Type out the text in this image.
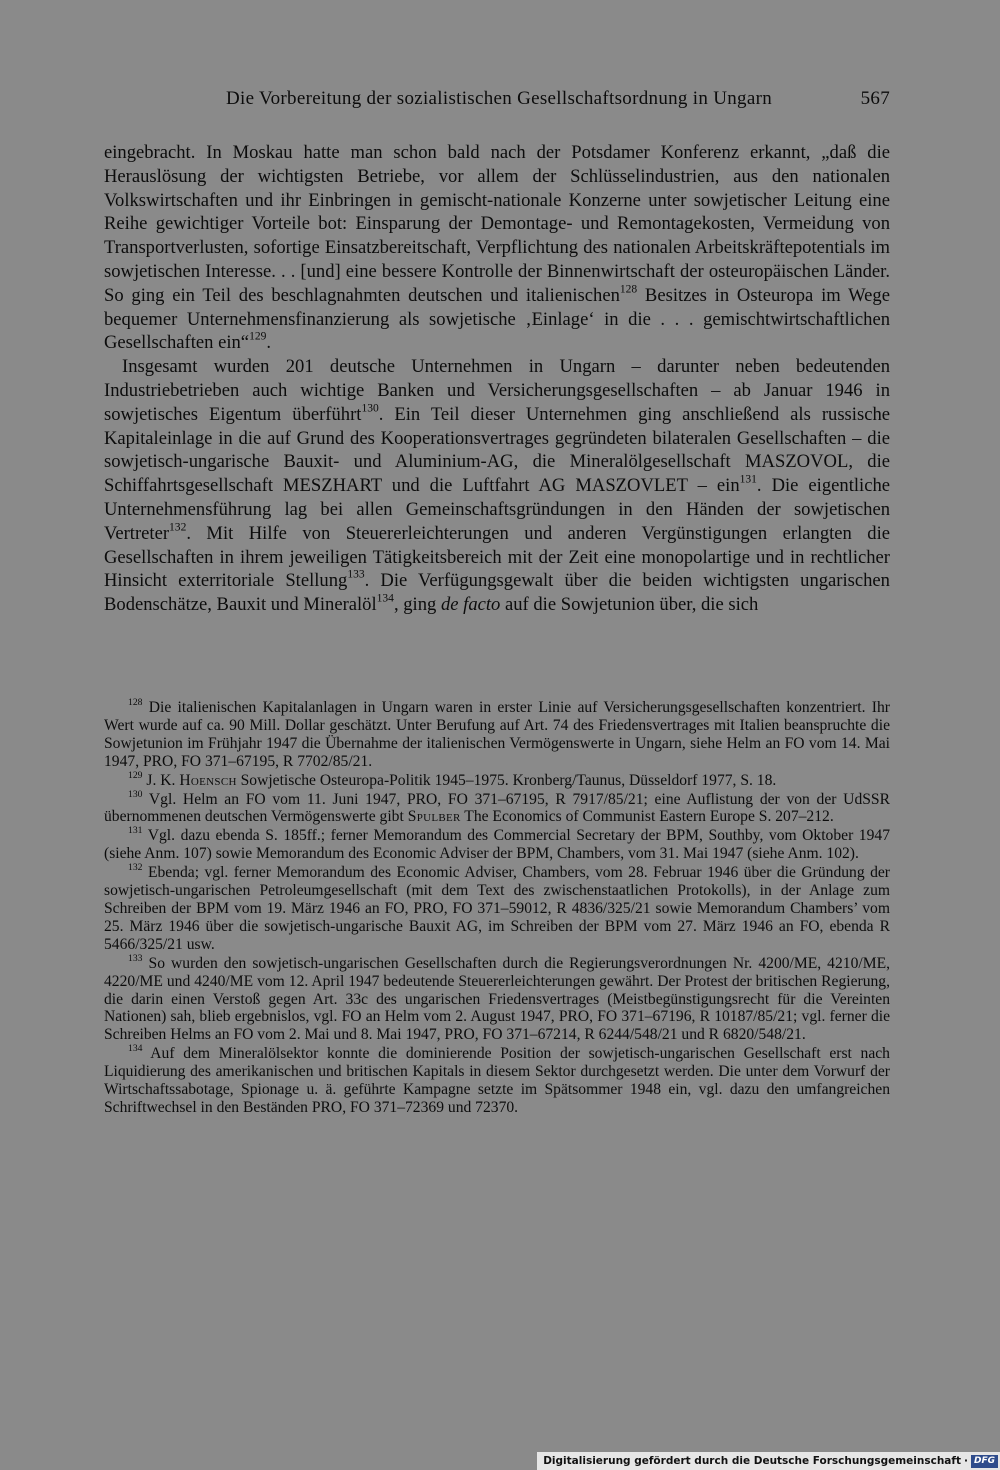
Die Vorbereitung der sozialistischen Gesellschaftsordnung in Ungarn	567

eingebracht. In Moskau hatte man schon bald nach der Potsdamer Konferenz erkannt, „daß die Herauslösung der wichtigsten Betriebe, vor allem der Schlüsselindustrien, aus den nationalen Volkswirtschaften und ihr Einbringen in gemischt-nationale Konzerne unter sowjetischer Leitung eine Reihe gewichtiger Vorteile bot: Einsparung der Demontage- und Remontagekosten, Vermeidung von Transportverlusten, sofortige Einsatzbereitschaft, Verpflichtung des nationalen Arbeitskräftepotentials im sowjetischen Interesse. . . [und] eine bessere Kontrolle der Binnenwirtschaft der osteuropäischen Länder. So ging ein Teil des beschlagnahmten deutschen und italienischen$^{128}$ Besitzes in Osteuropa im Wege bequemer Unternehmensfinanzierung als sowjetische ‚Einlage‘ in die . . . gemischtwirtschaftlichen Gesellschaften ein“$^{129}$.

Insgesamt wurden 201 deutsche Unternehmen in Ungarn – darunter neben bedeutenden Industriebetrieben auch wichtige Banken und Versicherungsgesellschaften – ab Januar 1946 in sowjetisches Eigentum überführt$^{130}$. Ein Teil dieser Unternehmen ging anschließend als russische Kapitaleinlage in die auf Grund des Kooperationsvertrages gegründeten bilateralen Gesellschaften – die sowjetisch-ungarische Bauxit- und Aluminium-AG, die Mineralölgesellschaft MASZOVOL, die Schiffahrtsgesellschaft MESZHART und die Luftfahrt AG MASZOVLET – ein$^{131}$. Die eigentliche Unternehmensführung lag bei allen Gemeinschaftsgründungen in den Händen der sowjetischen Vertreter$^{132}$. Mit Hilfe von Steuererleichterungen und anderen Vergünstigungen erlangten die Gesellschaften in ihrem jeweiligen Tätigkeitsbereich mit der Zeit eine monopolartige und in rechtlicher Hinsicht exterritoriale Stellung$^{133}$. Die Verfügungsgewalt über die beiden wichtigsten ungarischen Bodenschätze, Bauxit und Mineralöl$^{134}$, ging de facto auf die Sowjetunion über, die sich

$^{128}$ Die italienischen Kapitalanlagen in Ungarn waren in erster Linie auf Versicherungsgesellschaften konzentriert. Ihr Wert wurde auf ca. 90 Mill. Dollar geschätzt. Unter Berufung auf Art. 74 des Friedensvertrages mit Italien beanspruchte die Sowjetunion im Frühjahr 1947 die Übernahme der italienischen Vermögenswerte in Ungarn, siehe Helm an FO vom 14. Mai 1947, PRO, FO 371–67195, R 7702/85/21.

$^{129}$ J. K. Hoensch Sowjetische Osteuropa-Politik 1945–1975. Kronberg/Taunus, Düsseldorf 1977, S. 18.

$^{130}$ Vgl. Helm an FO vom 11. Juni 1947, PRO, FO 371–67195, R 7917/85/21; eine Auflistung der von der UdSSR übernommenen deutschen Vermögenswerte gibt Spulber The Economics of Communist Eastern Europe S. 207–212.

$^{131}$ Vgl. dazu ebenda S. 185ff.; ferner Memorandum des Commercial Secretary der BPM, Southby, vom Oktober 1947 (siehe Anm. 107) sowie Memorandum des Economic Adviser der BPM, Chambers, vom 31. Mai 1947 (siehe Anm. 102).

$^{132}$ Ebenda; vgl. ferner Memorandum des Economic Adviser, Chambers, vom 28. Februar 1946 über die Gründung der sowjetisch-ungarischen Petroleumgesellschaft (mit dem Text des zwischenstaatlichen Protokolls), in der Anlage zum Schreiben der BPM vom 19. März 1946 an FO, PRO, FO 371–59012, R 4836/325/21 sowie Memorandum Chambers’ vom 25. März 1946 über die sowjetisch-ungarische Bauxit AG, im Schreiben der BPM vom 27. März 1946 an FO, ebenda R 5466/325/21 usw.

$^{133}$ So wurden den sowjetisch-ungarischen Gesellschaften durch die Regierungsverordnungen Nr. 4200/ME, 4210/ME, 4220/ME und 4240/ME vom 12. April 1947 bedeutende Steuererleichterungen gewährt. Der Protest der britischen Regierung, die darin einen Verstoß gegen Art. 33c des ungarischen Friedensvertrages (Meistbegünstigungsrecht für die Vereinten Nationen) sah, blieb ergebnislos, vgl. FO an Helm vom 2. August 1947, PRO, FO 371–67196, R 10187/85/21; vgl. ferner die Schreiben Helms an FO vom 2. Mai und 8. Mai 1947, PRO, FO 371–67214, R 6244/548/21 und R 6820/548/21.

$^{134}$ Auf dem Mineralölsektor konnte die dominierende Position der sowjetisch-ungarischen Gesellschaft erst nach Liquidierung des amerikanischen und britischen Kapitals in diesem Sektor durchgesetzt werden. Die unter dem Vorwurf der Wirtschaftssabotage, Spionage u. ä. geführte Kampagne setzte im Spätsommer 1948 ein, vgl. dazu den umfangreichen Schriftwechsel in den Beständen PRO, FO 371–72369 und 72370.

Digitalisierung gefördert durch die Deutsche Forschungsgemeinschaft · DFG
